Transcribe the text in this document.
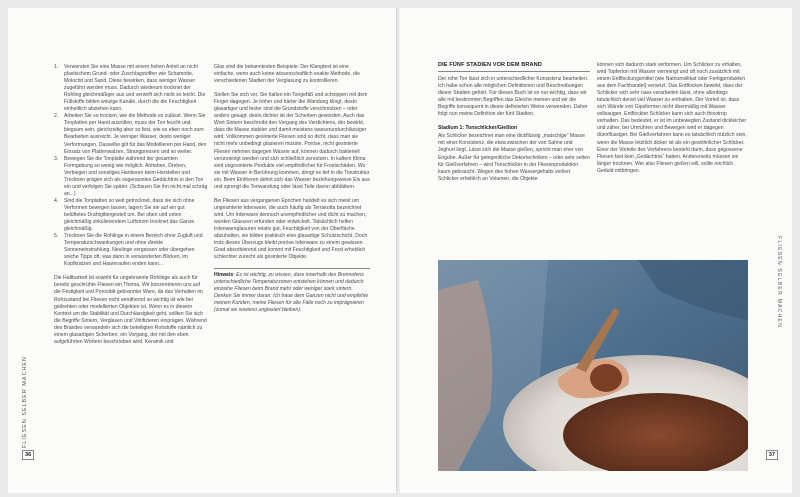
1. Verwenden Sie eine Masse mit einem hohen Anteil an nicht plastischem Grund- oder Zuschlagstoffen wie Schamotte, Molochit und Sand. Diese bewirken, dass weniger Wasser zugeführt werden muss. Dadurch wiederum trocknet der Rohling gleichmäßiger aus und verwirft sich nicht so leicht. Die Füllstoffe bilden winzige Kanäle, durch die die Feuchtigkeit einheitlich abziehen kann.
2. Arbeiten Sie so trocken, wie die Methode es zulässt. Wenn Sie Tonplatten per Hand ausrollen, muss der Ton feucht und biegsam sein, gleichzeitig aber so fest, wie es eben noch zum Bearbeiten ausreicht. Je weniger Wasser, desto weniger Verformungen. Dasselbe gilt für das Modellieren per Hand, den Einsatz von Plattenwalzen, Strangpressen und so weiter.
3. Bewegen Sie die Tonplatte während der gesamten Formgebung so wenig wie möglich. Anheben, Drehen, Verbiegen und sonstiges Hantieren beim Herstellen und Trocknen prägen sich als sogenanntes Gedächtnis in den Ton ein und verfolgen Sie später. (Schauen Sie ihn nicht mal schräg an...)
4. Sind die Tonplatten so weit getrocknet, dass sie sich ohne Verformen bewegen lassen, lagern Sie sie auf ein gut belüftetes Drahtgittergestell um. Bei oben und unten gleichmäßig zirkulierendem Luftstrom trocknet das Ganze gleichmäßig.
5. Trocknen Sie die Rohlinge in einem Bereich ohne Zugluft und Temperaturschwankungen und ohne direkte Sonneneinstrahlung. Neulinge vergessen oder übergehen solche Tipps oft, was dann in verwunderten Blicken, im Kopfkratzen und Haareraufen enden kann...

Die Haltbarkeit ist sowohl für ungebrannte Rohlinge als auch für bereits geschrühte Fliesen ein Thema. Wir konzentrieren uns auf die Festigkeit und Porosität gebrannter Ware, da das Verhalten im Rohzustand bei Fliesen nicht annähernd so wichtig ist wie bei gedrehten oder modellierten Objekten ist. Wenn es in diesem Kontext um die Stabilität und Durchlässigkeit geht, sollten Sie sich die Begriffe Sintern, Verglasen und Vitrifizieren einprägen. Während des Brandes verwandeln sich die beteiligten Rohstoffe nämlich zu einem glasartigen Scherben, ein Vorgang, der mit den eben aufgeführten Wörtern beschrieben wird. Keramik und

Glas sind die bekanntesten Beispiele: Der Klangtest ist eine einfache, wenn auch keine wissenschaftlich exakte Methode, die verschiedenen Stadien der Verglasung zu kontrollieren.

Stellen Sie sich vor, Sie halten ein Tongefäß und schnippen mit dem Finger dagegen. Je höher und härter die Wandung klingt, desto glasartiger und fester sind die Grundstoffe verschmolzen – oder anders gesagt: desto dichter ist der Scherben geworden. Auch das Wort Sintern beschreibt den Vorgang des Verdichtens, der bewirkt, dass die Masse stabiler und damit meistens wasserundurchlässiger wird. Vollkommen gesinterte Fliesen sind so dicht, dass man sie nicht mehr unbedingt glasieren müsste. Poröse, nicht gesinterte Fliesen nehmen dagegen Wasser auf, können dadurch bakteriell verunreinigt werden und sich schließlich zersetzen. In kaltem Klima sind ungesinterte Produkte viel empfindlicher für Frostschäden. Wo sie mit Wasser in Berührung kommen, dringt es tief in die Tonstruktur ein. Beim Einfrieren dehnt sich das Wasser beziehungsweise Eis aus und sprengt die Tonwandung oder lässt Teile davon abblättern.

Bei Fliesen aus vergangenen Epochen handelt es sich meist um ungesinterte Irdenware, die auch häufig als Terrakotta bezeichnet wird. Um Irdenware dennoch unempfindlicher und dicht zu machen, wurden Glasuren erfunden oder entwickelt. Tatsächlich helfen Irdenwareglasuren relativ gut, Feuchtigkeit von der Oberfläche abzuhalten, sie bilden praktisch eine glasartige Schutzschicht. Doch trotz dieses Überzugs bleibt poröse Irdenware zu einem gewissen Grad absorbierend und kommt mit Feuchtigkeit und Frost erheblich schlechter zurecht als gesinterte Objekte.

Hinweis: Es ist wichtig, zu wissen, dass innerhalb des Brennofens unterschiedliche Temperaturzonen entstehen können und dadurch einzelne Fliesen beim Brand mehr oder weniger stark sintern. Denken Sie immer daran: Ich traue dem Ganzen nicht und empfehle meinen Kunden, meine Fliesen für alle Fälle noch zu imprägnieren (zumal sie sowieso unglasiert bleiben).
FLIESEN SELBER MACHEN
36
DIE FÜNF STADIEN VOR DEM BRAND

Der rohe Ton lässt sich in unterschiedlicher Konsistenz bearbeiten. Ich habe schon alle möglichen Definitionen und Beschreibungen dieser Stadien gehört. Für dieses Buch ist es nur wichtig, dass wir alle mit bestimmten Begriffen das Gleiche meinen und wir die Begriffe konsequent in dieser definierten Weise verwenden. Daher folgt nun meine Definition der fünf Stadien.

Stadium 1: Tonschlicker/Gießton

Als Schlicker bezeichnet man eine dickflüssig „matschige“ Masse mit einer Konsistenz, die etwa zwischen der von Sahne und Joghurt liegt. Lässt sich die Masse gießen, spricht man eher von Engobe. Außer für gelegentliche Dekortechniken – oder sehr selten für Gießverfahren – wird Tonschlicker in der Fliesenproduktion kaum gebraucht. Wegen des hohen Wassergehalts verliert Schlicker erheblich an Volumen, die Objekte

können sich dadurch stark verformen. Um Schlicker zu erhalten, wird Topferton mit Wasser vermengt und oft noch zusätzlich mit einem Entflockungsmittel (wie Natriumsilikat oder Fertigprodukten aus dem Fachhandel) versetzt. Das Entflocken bewirkt, dass der Schlicker sich sehr nass verarbeiten lässt, ohne allerdings tatsächlich derart viel Wasser zu enthalten. Der Vorteil ist, dass sich Wände von Gipsformen nicht übermäßig mit Wasser vollsaugen. Entflockter Schlicker kann sich auch thixotrop verhalten. Das bedeutet, er ist im unbewegten Zustand dickleicher und zäher, bei Umrühren und Bewegen wird er dagegen dünnflüssiger. Bei Gießverfahren kann es tatsächlich nützlich sein, wenn die Masse letztlich dicker ist als ein gewöhnlicher Schlicker. Einer der Vorteile des Verfahrens besteht darin, dass gegossene Fliesen fast kein „Gedächtnis“ haben. Andererseits müssen sie länger trocknen. Wer also Fliesen gießen will, sollte reichlich Geduld mitbringen.

FLIESEN SELBER MACHEN
37
